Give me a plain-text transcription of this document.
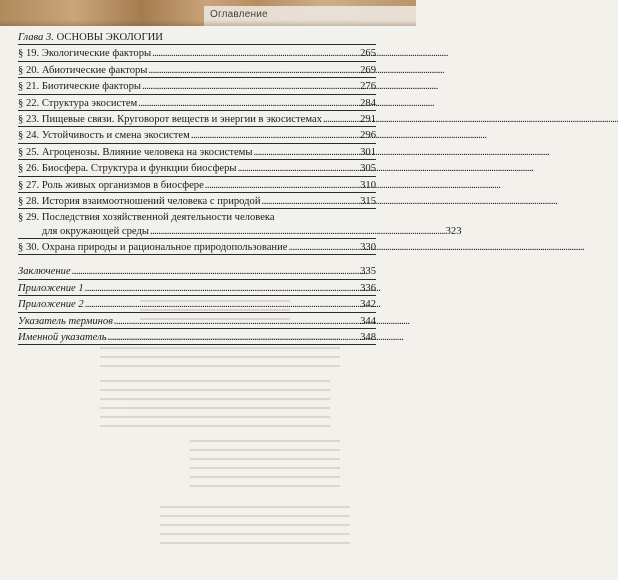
Оглавление
Глава 3. ОСНОВЫ ЭКОЛОГИИ
§ 19.
Экологические факторы . . .	265
§ 20.
Абиотические факторы . . .	269
§ 21.
Биотические факторы . . .	276
§ 22.
Структура экосистем . . .	284
§ 23.
Пищевые связи. Круговорот веществ и энергии в экосистемах . . .	291
§ 24.
Устойчивость и смена экосистем . . .	296
§ 25.
Агроценозы. Влияние человека на экосистемы . . .	301
§ 26.
Биосфера. Структура и функции биосферы . . .	305
§ 27.
Роль живых организмов в биосфере . . .	310
§ 28.
История взаимоотношений человека с природой . . .	315
§ 29.
Последствия хозяйственной деятельности человека
для окружающей среды . . .	323
§ 30.
Охрана природы и рациональное природопользование . . .	330
Заключение . . .	335
Приложение 1 . . .	336
Приложение 2 . . .	342
Указатель терминов . . .	344
Именной указатель . . .	348
